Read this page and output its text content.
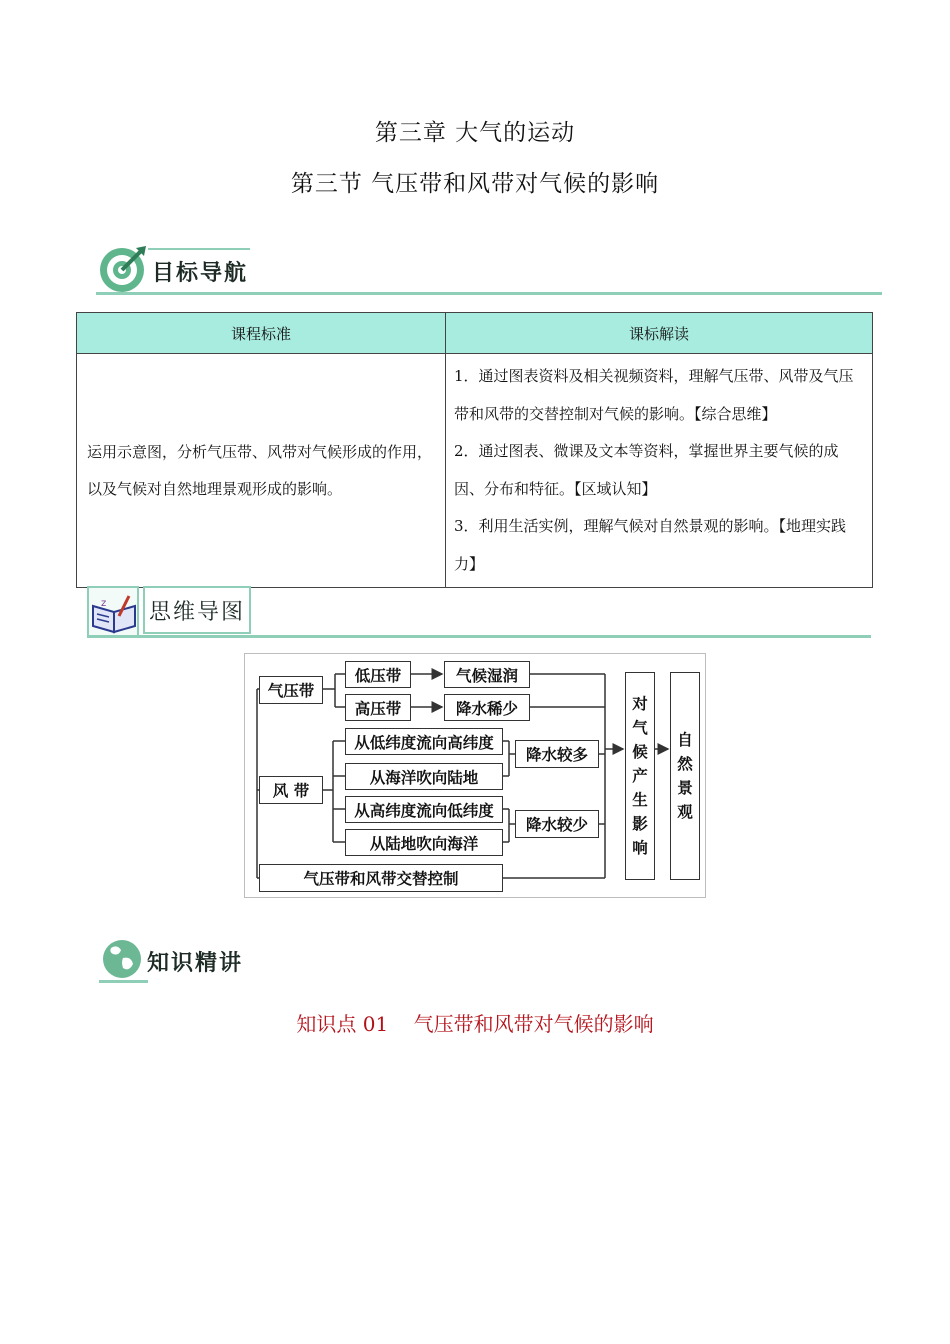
第三章 大气的运动
第三节 气压带和风带对气候的影响
目标导航
课程标准	课标解读
运用示意图，分析气压带、风带对气候形成的作用，以及气候对自然地理景观形成的影响。	1．通过图表资料及相关视频资料，理解气压带、风带及气压带和风带的交替控制对气候的影响。【综合思维】
2．通过图表、微课及文本等资料，掌握世界主要气候的成因、分布和特征。【区域认知】
3．利用生活实例，理解气候对自然景观的影响。【地理实践力】
z 思维导图
气压带
低压带	气候湿润
高压带	降水稀少
风 带
从低纬度流向高纬度
从海洋吹向陆地
降水较多
从高纬度流向低纬度
从陆地吹向海洋
降水较少
气压带和风带交替控制
对
气
候
产
生
影
响
自
然
景
观
知识精讲
知识点 01    气压带和风带对气候的影响
